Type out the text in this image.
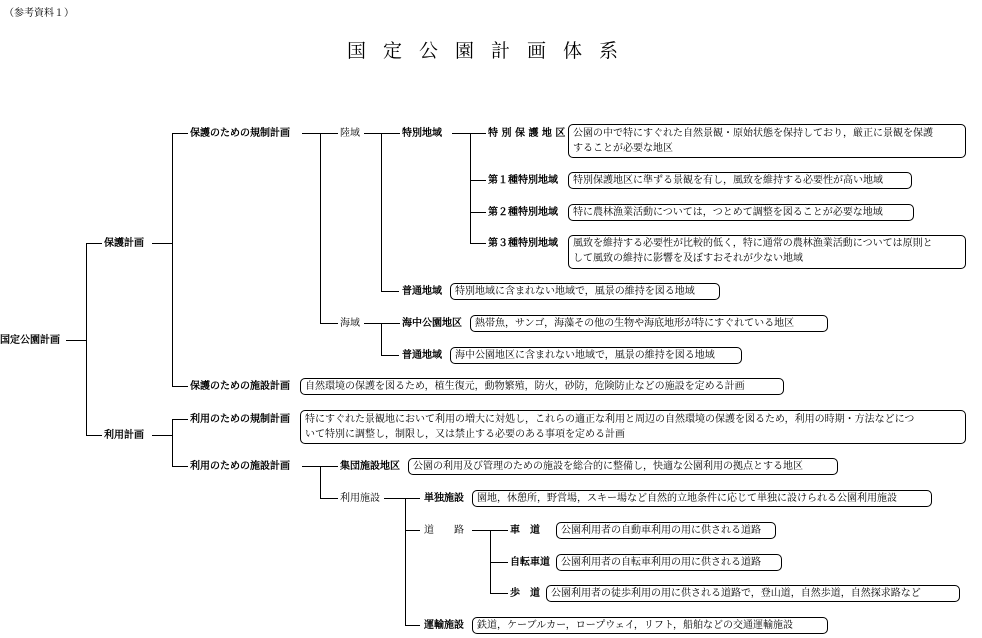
（参考資料１）
国定公園計画体系
国定公園計画
保護計画
利用計画
保護のための規制計画
保護のための施設計画
利用のための規制計画
利用のための施設計画
陸域
海域
特別地域
普通地域
海中公園地区
普通地域
特 別 保 護 地 区
第１種特別地域
第２種特別地域
第３種特別地域
集団施設地区
利用施設	単独施設
道　　路
運輸施設
車　道
自転車道
歩　道
公園の中で特にすぐれた自然景観・原始状態を保持しており，厳正に景観を保護
することが必要な地区
特別保護地区に準ずる景観を有し，風致を維持する必要性が高い地域
特に農林漁業活動については，つとめて調整を図ることが必要な地域
風致を維持する必要性が比較的低く，特に通常の農林漁業活動については原則と
して風致の維持に影響を及ぼすおそれが少ない地域
特別地域に含まれない地域で，風景の維持を図る地域
熱帯魚，サンゴ，海藻その他の生物や海底地形が特にすぐれている地区
海中公園地区に含まれない地域で，風景の維持を図る地域
自然環境の保護を図るため，植生復元，動物繁殖，防火，砂防，危険防止などの施設を定める計画
特にすぐれた景観地において利用の増大に対処し，これらの適正な利用と周辺の自然環境の保護を図るため，利用の時期・方法などにつ
いて特別に調整し，制限し，又は禁止する必要のある事項を定める計画
公園の利用及び管理のための施設を総合的に整備し，快適な公園利用の拠点とする地区
園地，休憩所，野営場，スキー場など自然的立地条件に応じて単独に設けられる公園利用施設
公園利用者の自動車利用の用に供される道路
公園利用者の自転車利用の用に供される道路
公園利用者の徒歩利用の用に供される道路で，登山道，自然歩道，自然探求路など
鉄道，ケーブルカー，ロープウェイ，リフト，船舶などの交通運輸施設
